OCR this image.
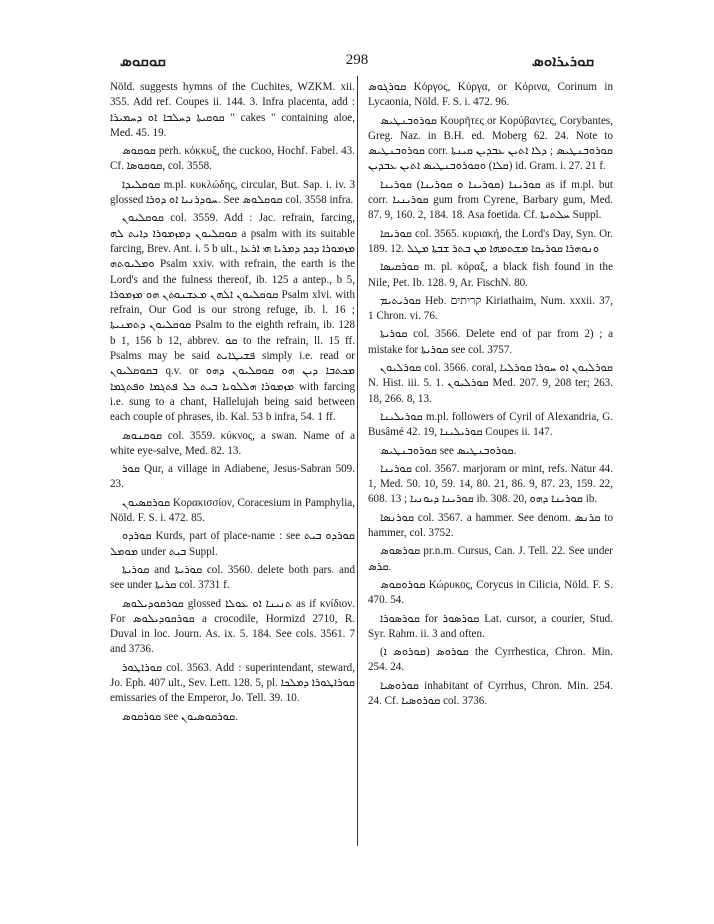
ܩܘܩܘܣ	298	ܩܘܪܝܪܐܘܣ

Nöld. suggests hymns of the Cuchites, WZKM. xii. 355. Add ref. Coupes ii. 144. 3. Infra placenta, add : ܩܘܩܝܬܐ ܕܚܠܒܐ ܐܘ ܕܚܡܝܪܐ " cakes " containing aloe, Med. 45. 19.

ܩܘܩܘܣ perh. κόκκυξ, the cuckoo, Hochf. Fabel. 43. Cf. ܩܘܩܘܣܐ, col. 3558.

ܩܘܩܠܝܕܐ m.pl. κυκλώδης, circular, But. Sap. i. iv. 3 glossed ܚܘܕܪܢܝܐ ܐܘ ܕܘܪܐ. See ܩܘܩܠܘܣ col. 3558 infra.

ܩܘܩܠܝܘܢ col. 3559. Add : Jac. refrain, farcing, ܩܘܩܠܝܘܢ ܕܡܙܡܘܪܐ ܕܐܝܬ ܠܗ a psalm with its suitable farcing, Brev. Ant. i. 5 b ult., ܡܙܡܘܪܐ ܕܟܕ ܕܡܪܝܐ ܗܝ ܐܪܥܐ ܘܡܠܝܘܬܗ Psalm xxiv. with refrain, the earth is the Lord's and the fulness thereof, ib. 125 a antep., b 5, ܩܘܩܠܝܘܢ ܐܠܗܢ ܡܥܫܢܘܬܢ ܗܘ ܡܙܡܘܪܐ Psalm xlvi. with refrain, Our God is our strong refuge, ib. l. 16 ; ܩܘܩܠܝܘܢ ܕܬܡܢܝܬܐ Psalm to the eighth refrain, ib. 128 b 1, 156 b 12, abbrev. ܩܘ to the refrain, ll. 15 ff. Psalms may be said ܦܫܝܛܐܝܬ simply i.e. read or ܒܩܘܩܠܝܘܢ q.v. or ܡܟܬܒܐ ܕܝܢ ܗܘ ܩܘܩܠܝܘܢ ܕܗܘ ܡܙܡܘܪܐ ܗܠܠܘܝܐ ܒܝܬ ܟܠ ܦܬܓܡܐ ܘܦܬܓܡܐ with farcing i.e. sung to a chant, Hallelujah being said between each couple of phrases, ib. Kal. 53 b infra, 54. 1 ff.

ܩܘܩܢܘܣ col. 3559. κύκνος, a swan. Name of a white eye-salve, Med. 82. 13.

ܩܘܪ Qur, a village in Adiabene, Jesus-Sabran 509. 23.

ܩܘܪܩܣܝܘܢ Κορακισσίον, Coracesium in Pamphylia, Nöld. F. S. i. 472. 85.

ܩܘܪܕܘ Kurds, part of place-name : see ܩܘܪܕܘ ܒܝܬ ܡܘܡܠ under ܒܝܬ Suppl.

ܩܘܪܝܬܐ and ܩܘܪܝܬܐ col. 3560. delete both pars. and see under ܩܪܝܬܐ col. 3731 f.

ܩܘܪܩܘܕܝܠܘܣ glossed ܬܢܝܢܐ ܐܘ ܥܘܠܐ as if κνίδιον. For ܩܘܪܩܘܕܝܠܘܣ a crocodile, Hormizd 2710, R. Duval in loc. Journ. As. ix. 5. 184. See cols. 3561. 7 and 3736.

ܩܘܪܐܛܘܪ col. 3563. Add : superintendant, steward, Jo. Eph. 407 ult., Sev. Lett. 128. 5, pl. ܩܘܪܐܛܘܪܐ ܕܡܠܟܐ emissaries of the Emperor, Jo. Tell. 39. 10.

ܩܘܪܩܘܣ see ܩܘܪܩܘܣܝܘܢ.

ܩܘܪܓܘܣ Κόργος, Κύργα, or Κόρινα, Corinum in Lycaonia, Nöld. F. S. i. 472. 96.

ܩܘܪܘܒܢܛܝܣ Κουρῆτες or Κορύβαντες, Corybantes, Greg. Naz. in B.H. ed. Moberg 62. 24. Note to ܩܘܪܘܒܢܛܝܣ corr. ܩܘܪܘܒܢܛܝܣ ; ܕܠܐ ܐܬܝܢ ܥܒܕܝܢ ܩܝܢܬܐ (ܩܠܐ) ܘܩܘܪܘܒܢܛܝܣ ܐܬܝܢ ܥܒܕܝܢ id. Gram. i. 27. 21 f.

ܩܘܪܝܢܐ (ܩܘܪܝܢܐ ܘ ܩܘܪܝܢܐ) ܩܘܪܝܢܐ as if m.pl. but corr. ܩܘܪܝܢܝܐ gum from Cyrene, Barbary gum, Med. 87. 9, 160. 2, 184. 18. Asa foetida. Cf. ܚܠܬܝܬܐ Suppl.

ܩܘܪܝܩܐ col. 3565. κυριακή, the Lord's Day, Syn. Or. 189. 12. ܘܢܘܗܪܐ ܩܘܪܝܩܐ ܡܫܬܡܗܐ ܡܢ ܒܬܪ ܫܒܬܐ ܡܛܠ

ܩܘܪܩܝܣܐ m. pl. κόραξ, a black fish found in the Nile, Pet. Ib. 128. 9, Ar. FischN. 80.

ܩܘܪܝܬܝܡ Heb. קריתים Kiriathaim, Num. xxxii. 37, 1 Chron. vi. 76.

ܩܘܪܝܬܐ col. 3566. Delete end of par from 2) ; a mistake for ܩܘܪܝܬܐ see col. 3757.

ܩܘܪܠܝܘܢ col. 3566. coral, ܩܘܪܠܝܘܢ ܐܘ ܚܘܪܐ ܩܘܪܠܝܐ N. Hist. iii. 5. 1. ܩܘܪܠܝܘܢ Med. 207. 9, 208 ter; 263. 18, 266. 8, 13.

ܩܘܪܝܠܝܢܐ m.pl. followers of Cyril of Alexandria, G. Busâmé 42. 19, ܩܘܪܝܠܝܢܐ Coupes ii. 147.

ܩܘܪܘܒܢܛܝܣ see ܩܘܪܘܒܢܛܝܣ.

ܩܘܪܝܢܐ col. 3567. marjoram or mint, refs. Natur 44. 1, Med. 50. 10, 59. 14, 80. 21, 86. 9, 87. 23, 159. 22, 608. 13 ; ܩܘܪܝܢܐ ܕܝܘܢܝܐ ib. 308. 20, ܩܘܪܝܢܐ ܕܗܘ ib.

ܩܘܪܢܣܐ col. 3567. a hammer. See denom. ܩܪܢܣ to hammer, col. 3752.

ܩܘܪܣܘܣ pr.n.m. Cursus, Can. J. Tell. 22. See under ܩܪܣ.

ܩܘܪܘܩܘܣ Κώρυκος, Corycus in Cilicia, Nöld. F. S. 470. 54.

ܩܘܪܣܘܪܐ for ܩܘܪܣܘܪ Lat. cursor, a courier, Stud. Syr. Rahm. ii. 3 and often.

ܩܘܪܘܣ (ܩܘܪܘܣ ܐ) the Cyrrhestica, Chron. Min. 254. 24.

ܩܘܪܘܣܝܐ inhabitant of Cyrrhus, Chron. Min. 254. 24. Cf. ܩܘܪܘܣܝܐ col. 3736.
